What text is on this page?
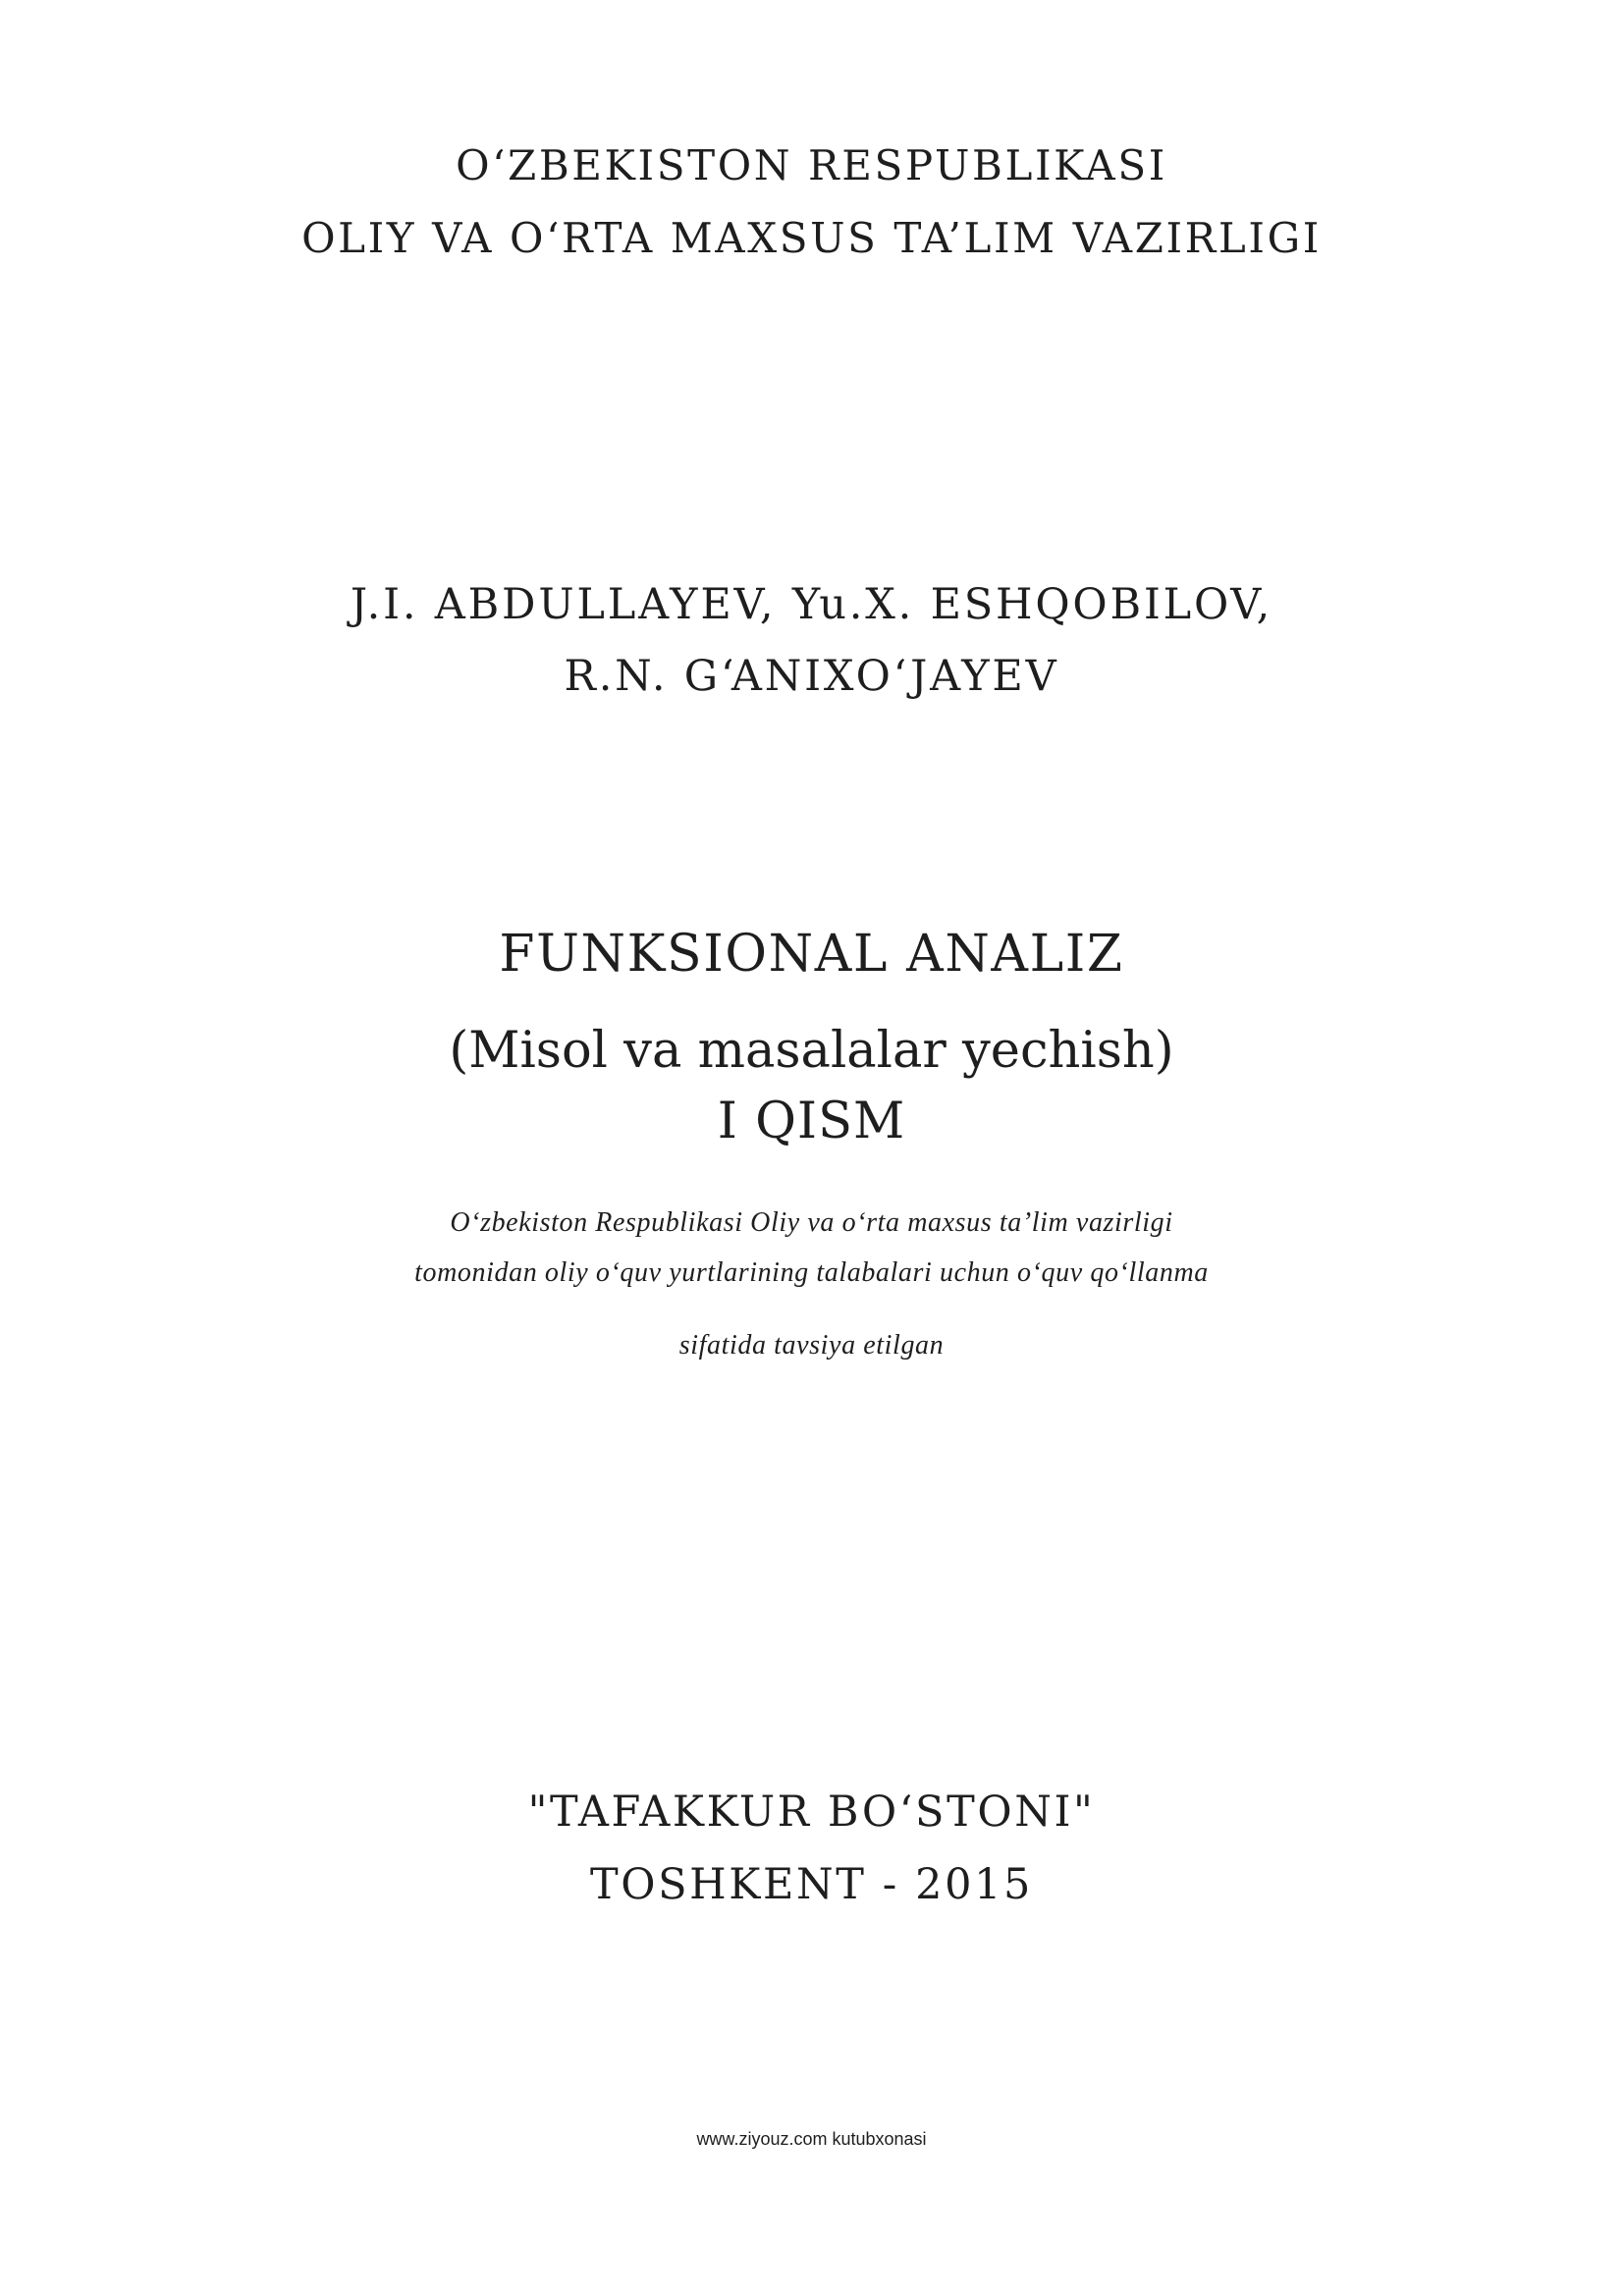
O‘ZBEKISTON RESPUBLIKASI
OLIY VA O‘RTA MAXSUS TA’LIM VAZIRLIGI
J.I. ABDULLAYEV, Yu.X. ESHQOBILOV,
R.N. G‘ANIXO‘JAYEV
FUNKSIONAL ANALIZ
(Misol va masalalar yechish)
I QISM
O‘zbekiston Respublikasi Oliy va o‘rta maxsus ta’lim vazirligi
tomonidan oliy o‘quv yurtlarining talabalari uchun o‘quv qo‘llanma
sifatida tavsiya etilgan
"TAFAKKUR BO‘STONI"
TOSHKENT - 2015
www.ziyouz.com kutubxonasi
